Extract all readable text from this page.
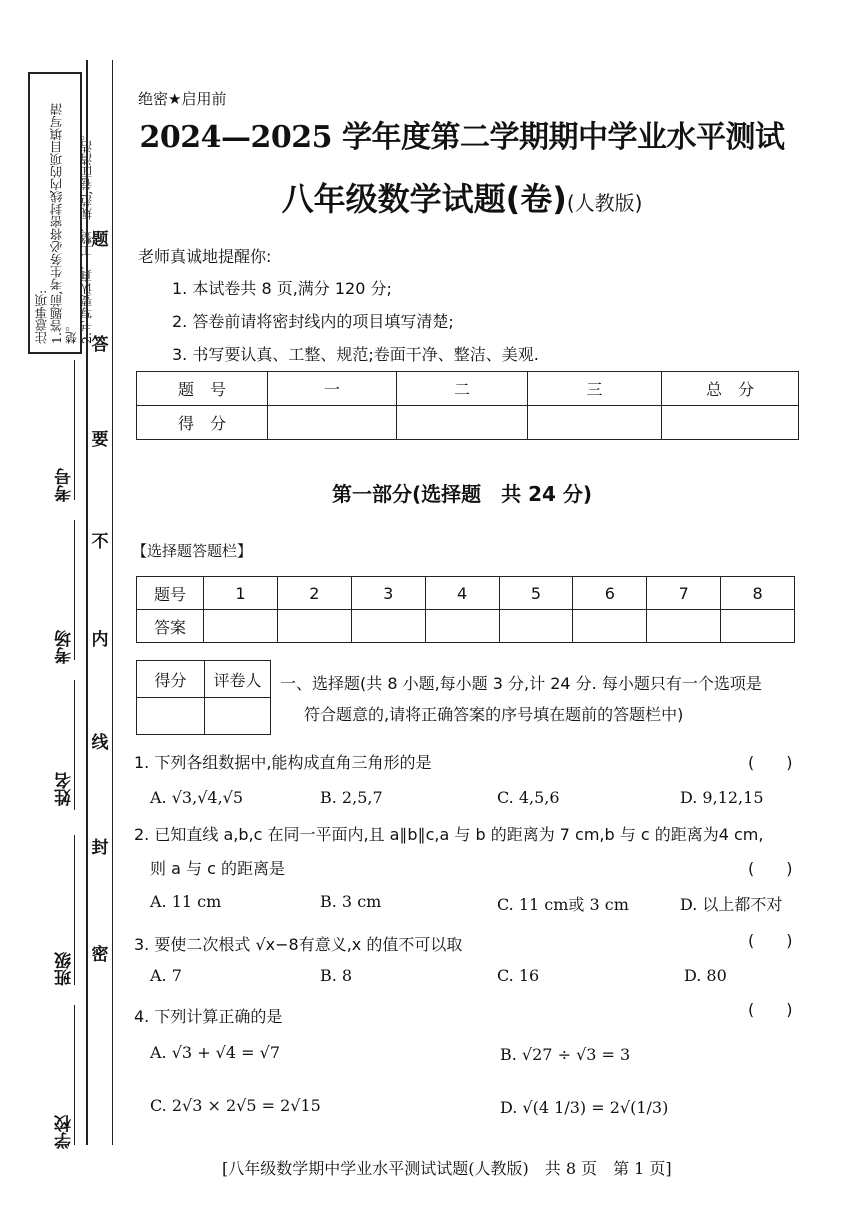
注意事项: 1.答题前,考生务必将密封线内的项目填写清楚。 2.书写要认真、工整、规范,卷面清洁。
题
答
要
不
内
线
封
密
考号
考场
姓名
班级
学校
绝密★启用前
2024—2025 学年度第二学期期中学业水平测试
八年级数学试题(卷)(人教版)
老师真诚地提醒你:
1. 本试卷共 8 页,满分 120 分;
2. 答卷前请将密封线内的项目填写清楚;
3. 书写要认真、工整、规范;卷面干净、整洁、美观.
题　号	一	二	三	总　分
得　分				
第一部分(选择题　共 24 分)
【选择题答题栏】
题号	1	2	3	4	5	6	7	8
答案								
得分	评卷人
	一、选择题(共 8 小题,每小题 3 分,计 24 分. 每小题只有一个选项是
符合题意的,请将正确答案的序号填在题前的答题栏中)
1. 下列各组数据中,能构成直角三角形的是	(　　)
A. √3,√4,√5	B. 2,5,7	C. 4,5,6	D. 9,12,15
2. 已知直线 a,b,c 在同一平面内,且 a∥b∥c,a 与 b 的距离为 7 cm,b 与 c 的距离为4 cm,
则 a 与 c 的距离是	(　　)
A. 11 cm	B. 3 cm	C. 11 cm或 3 cm	D. 以上都不对
3. 要使二次根式 √x−8有意义,x 的值不可以取	(　　)
A. 7	B. 8	C. 16	D. 80
4. 下列计算正确的是	(　　)
A. √3 + √4 = √7	B. √27 ÷ √3 = 3
C. 2√3 × 2√5 = 2√15	D. √(4 1/3) = 2√(1/3)
[八年级数学期中学业水平测试试题(人教版)　共 8 页　第 1 页]
